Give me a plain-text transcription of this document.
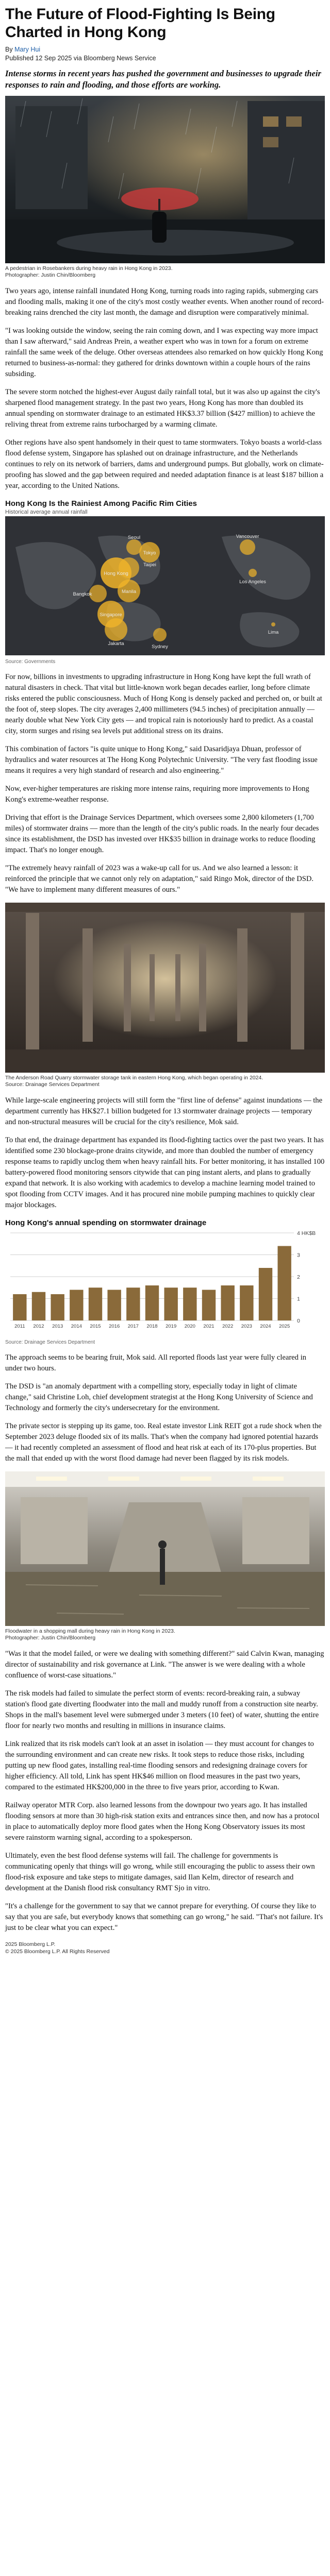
The Future of Flood-Fighting Is Being Charted in Hong Kong
By Mary Hui
Published 12 Sep 2025 via Bloomberg News Service
Intense storms in recent years has pushed the government and businesses to upgrade their responses to rain and flooding, and those efforts are working.
A pedestrian in Rosebankers during heavy rain in Hong Kong in 2023.
Photographer: Justin Chin/Bloomberg

Two years ago, intense rainfall inundated Hong Kong, turning roads into raging rapids, submerging cars and flooding malls, making it one of the city's most costly weather events. When another round of record-breaking rains drenched the city last month, the damage and disruption were comparatively minimal.

"I was looking outside the window, seeing the rain coming down, and I was expecting way more impact than I saw afterward," said Andreas Prein, a weather expert who was in town for a forum on extreme rainfall the same week of the deluge. Other overseas attendees also remarked on how quickly Hong Kong returned to business-as-normal: they gathered for drinks downtown within a couple hours of the rains subsiding.

The severe storm notched the highest-ever August daily rainfall total, but it was also up against the city's sharpened flood management strategy. In the past two years, Hong Kong has more than doubled its annual spending on stormwater drainage to an estimated HK$3.37 billion ($427 million) to achieve the reliving threat from extreme rains turbocharged by a warming climate.

Other regions have also spent handsomely in their quest to tame stormwaters. Tokyo boasts a world-class flood defense system, Singapore has splashed out on drainage infrastructure, and the Netherlands continues to rely on its network of barriers, dams and underground pumps. But globally, work on climate-proofing has slowed and the gap between required and needed adaptation finance is at least $187 billion a year, according to the United Nations.

Hong Kong Is the Rainiest Among Pacific Rim Cities
Historical average annual rainfall
Hong Kong
Tokyo
Singapore
Seoul
Manila
Taipei
Sydney
Vancouver
Los Angeles
Lima
Bangkok
Jakarta
Source: Governments

For now, billions in investments to upgrading infrastructure in Hong Kong have kept the full wrath of natural disasters in check. That vital but little-known work began decades earlier, long before climate risks entered the public consciousness. Much of Hong Kong is densely packed and perched on, or built at the foot of, steep slopes. The city averages 2,400 millimeters (94.5 inches) of precipitation annually — nearly double what New York City gets — and tropical rain is notoriously hard to predict. As a coastal city, storm surges and rising sea levels put additional stress on its drains.

This combination of factors "is quite unique to Hong Kong," said Dasaridjaya Dhuan, professor of hydraulics and water resources at The Hong Kong Polytechnic University. "The very fast flooding issue means it requires a very high standard of research and also engineering."

Now, ever-higher temperatures are risking more intense rains, requiring more improvements to Hong Kong's extreme-weather response.

Driving that effort is the Drainage Services Department, which oversees some 2,800 kilometers (1,700 miles) of stormwater drains — more than the length of the city's public roads. In the nearly four decades since its establishment, the DSD has invested over HK$35 billion in drainage works to reduce flooding impact. That's no longer enough.

"The extremely heavy rainfall of 2023 was a wake-up call for us. And we also learned a lesson: it reinforced the principle that we cannot only rely on adaptation," said Ringo Mok, director of the DSD. "We have to implement many different measures of ours."

The Anderson Road Quarry stormwater storage tank in eastern Hong Kong, which began operating in 2024.
Source: Drainage Services Department

While large-scale engineering projects will still form the "first line of defense" against inundations — the department currently has HK$27.1 billion budgeted for 13 stormwater drainage projects — temporary and non-structural measures will be crucial for the city's resilience, Mok said.

To that end, the drainage department has expanded its flood-fighting tactics over the past two years. It has identified some 230 blockage-prone drains citywide, and more than doubled the number of emergency response teams to rapidly unclog them when heavy rainfall hits. For better monitoring, it has installed 100 battery-powered flood monitoring sensors citywide that can ping instant alerts, and plans to gradually expand that network. It is also working with academics to develop a machine learning model trained to spot flooding from CCTV images. And it has procured nine mobile pumping machines to quickly clear major blockages.

Hong Kong's annual spending on stormwater drainage
0
1
2
3
4 HK$B
2011 2012 2013 2014 2015 2016 2017 2018 2019 2020 2021 2022 2023 2024 2025
Source: Drainage Services Department

The approach seems to be bearing fruit, Mok said. All reported floods last year were fully cleared in under two hours.

The DSD is "an anomaly department with a compelling story, especially today in light of climate change," said Christine Loh, chief development strategist at the Hong Kong University of Science and Technology and formerly the city's undersecretary for the environment.

The private sector is stepping up its game, too. Real estate investor Link REIT got a rude shock when the September 2023 deluge flooded six of its malls. That's when the company had ignored potential hazards — it had recently completed an assessment of flood and heat risk at each of its 170-plus properties. But the mall that ended up with the worst flood damage had never been flagged by its risk models.

Floodwater in a shopping mall during heavy rain in Hong Kong in 2023.
Photographer: Justin Chin/Bloomberg

"Was it that the model failed, or were we dealing with something different?" said Calvin Kwan, managing director of sustainability and risk governance at Link. "The answer is we were dealing with a whole confluence of worst-case situations."

The risk models had failed to simulate the perfect storm of events: record-breaking rain, a subway station's flood gate diverting floodwater into the mall and muddy runoff from a construction site nearby. Shops in the mall's basement level were submerged under 3 meters (10 feet) of water, shutting the entire floor for nearly two months and resulting in millions in insurance claims.

Link realized that its risk models can't look at an asset in isolation — they must account for changes to the surrounding environment and can create new risks. It took steps to reduce those risks, including putting up new flood gates, installing real-time flooding sensors and redesigning drainage covers for higher efficiency. All told, Link has spent HK$46 million on flood measures in the past two years, compared to the estimated HK$200,000 in the three to five years prior, according to Kwan.

Railway operator MTR Corp. also learned lessons from the downpour two years ago. It has installed flooding sensors at more than 30 high-risk station exits and entrances since then, and now has a protocol in place to automatically deploy more flood gates when the Hong Kong Observatory issues its most severe rainstorm warning signal, according to a spokesperson.

Ultimately, even the best flood defense systems will fail. The challenge for governments is communicating openly that things will go wrong, while still encouraging the public to assess their own flood-risk exposure and take steps to mitigate damages, said Ilan Kelm, director of research and development at the Danish flood risk consultancy RMT Sjo in vitro.

"It's a challenge for the government to say that we cannot prepare for everything. Of course they like to say that you are safe, but everybody knows that something can go wrong," he said. "That's not failure. It's just to be clear what you can expect."

2025 Bloomberg L.P.
© 2025 Bloomberg L.P. All Rights Reserved
